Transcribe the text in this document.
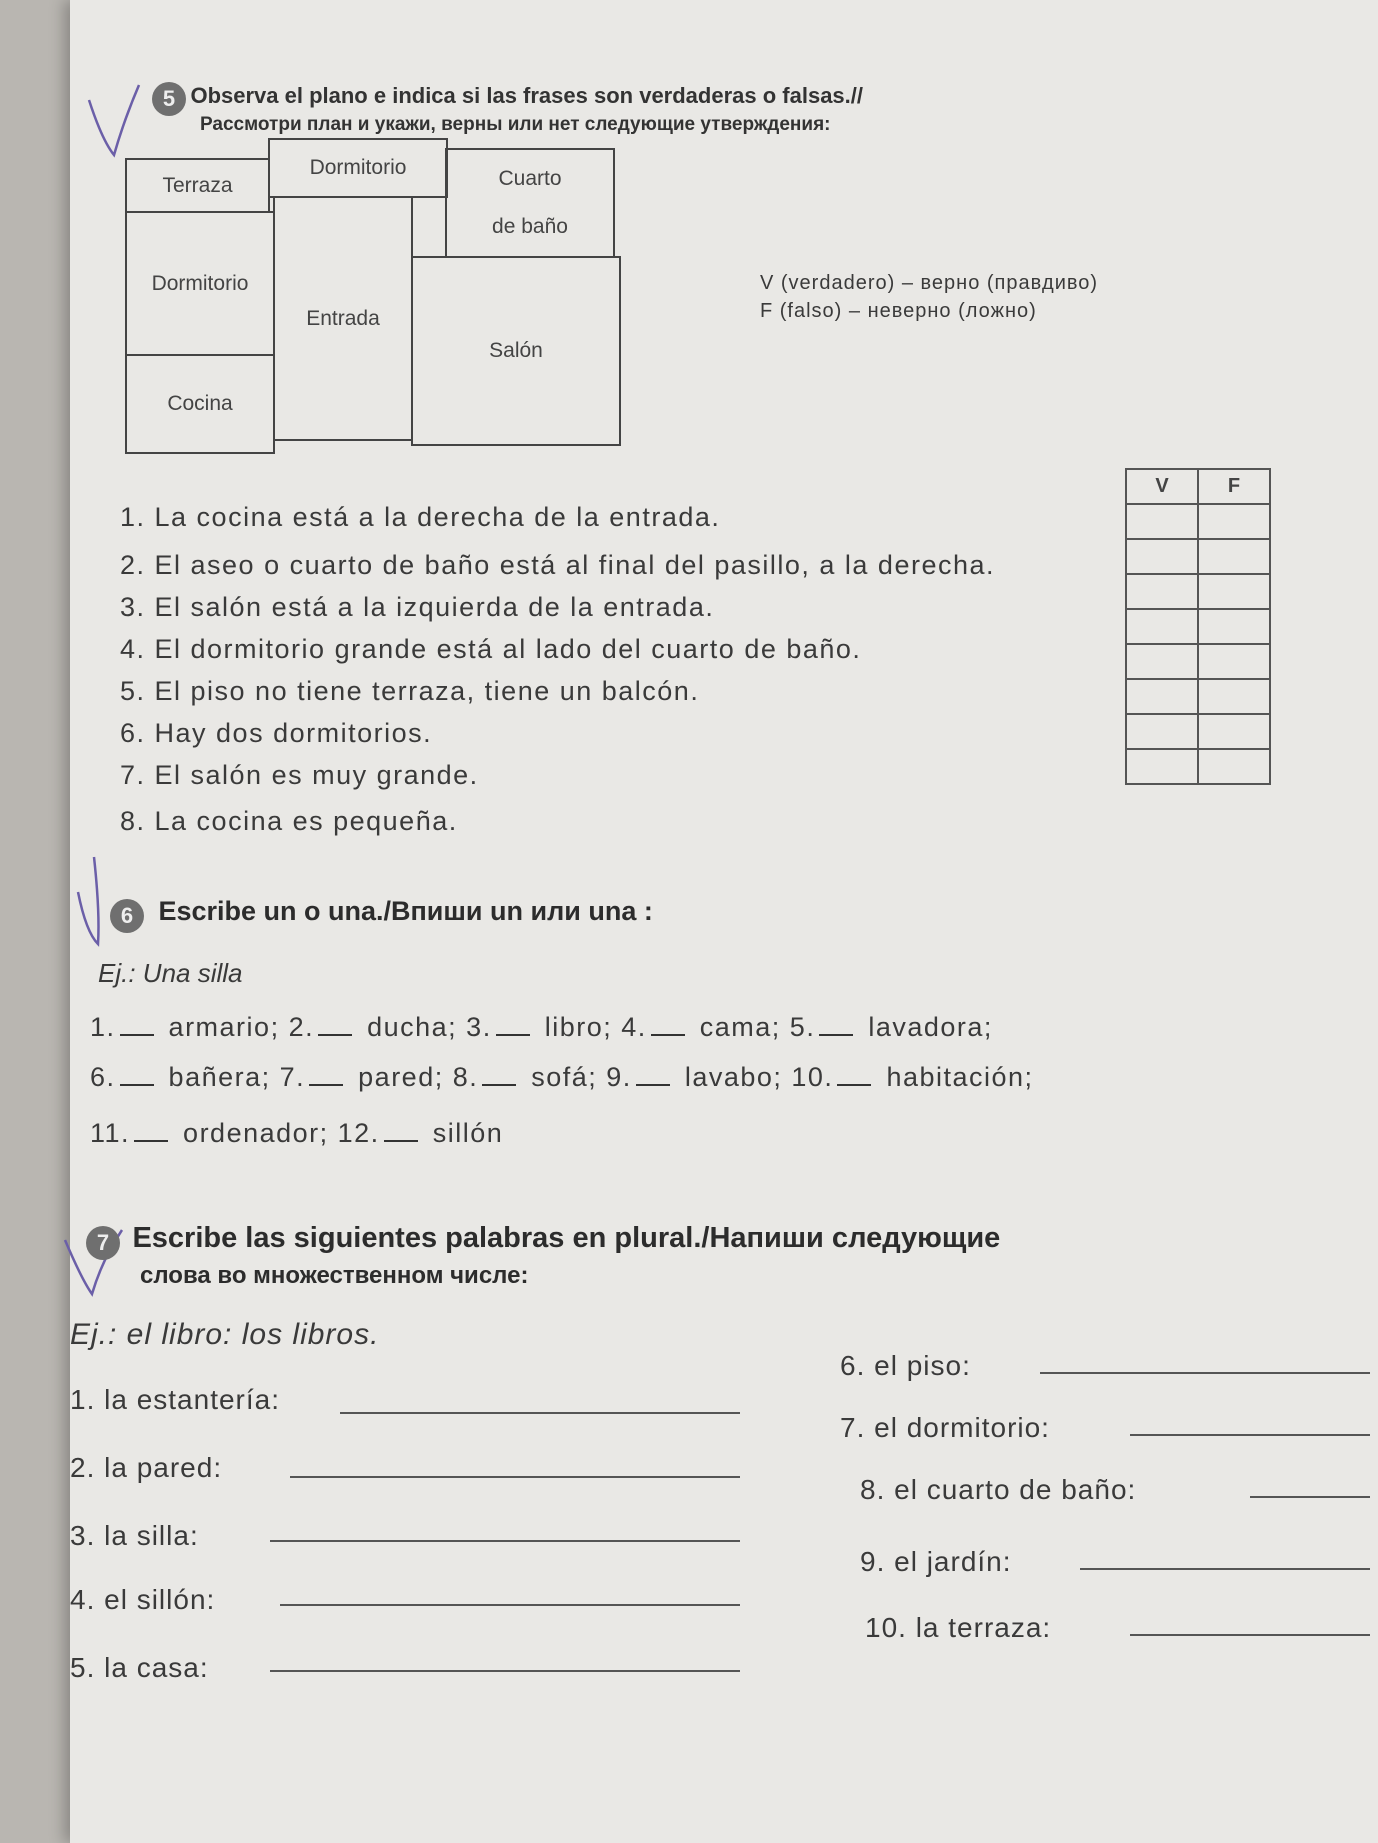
5 Observa el plano e indica si las frases son verdaderas o falsas.//
Рассмотри план и укажи, верны или нет следующие утверждения:
Terraza
Dormitorio	Cuarto
de baño
Dormitorio
Entrada
Salón
Cocina
V (verdadero) – верно (правдиво)
F (falso) – неверно (ложно)
V	F

1. La cocina está a la derecha de la entrada.
2. El aseo o cuarto de baño está al final del pasillo, a la derecha.
3. El salón está a la izquierda de la entrada.
4. El dormitorio grande está al lado del cuarto de baño.
5. El piso no tiene terraza, tiene un balcón.
6. Hay dos dormitorios.
7. El salón es muy grande.
8. La cocina es pequeña.
6 Escribe un o una./Впиши un или una :
Ej.: Una silla
1. armario; 2. ducha; 3. libro; 4. cama; 5. lavadora;
6. bañera; 7. pared; 8. sofá; 9. lavabo; 10. habitación;
11. ordenador; 12. sillón
7 Escribe las siguientes palabras en plural./Напиши следующие
слова во множественном числе:
Ej.: el libro: los libros.
1. la estantería:
2. la pared:
3. la silla:
4. el sillón:
5. la casa:
6. el piso:
7. el dormitorio:
8. el cuarto de baño:
9. el jardín:
10. la terraza:
